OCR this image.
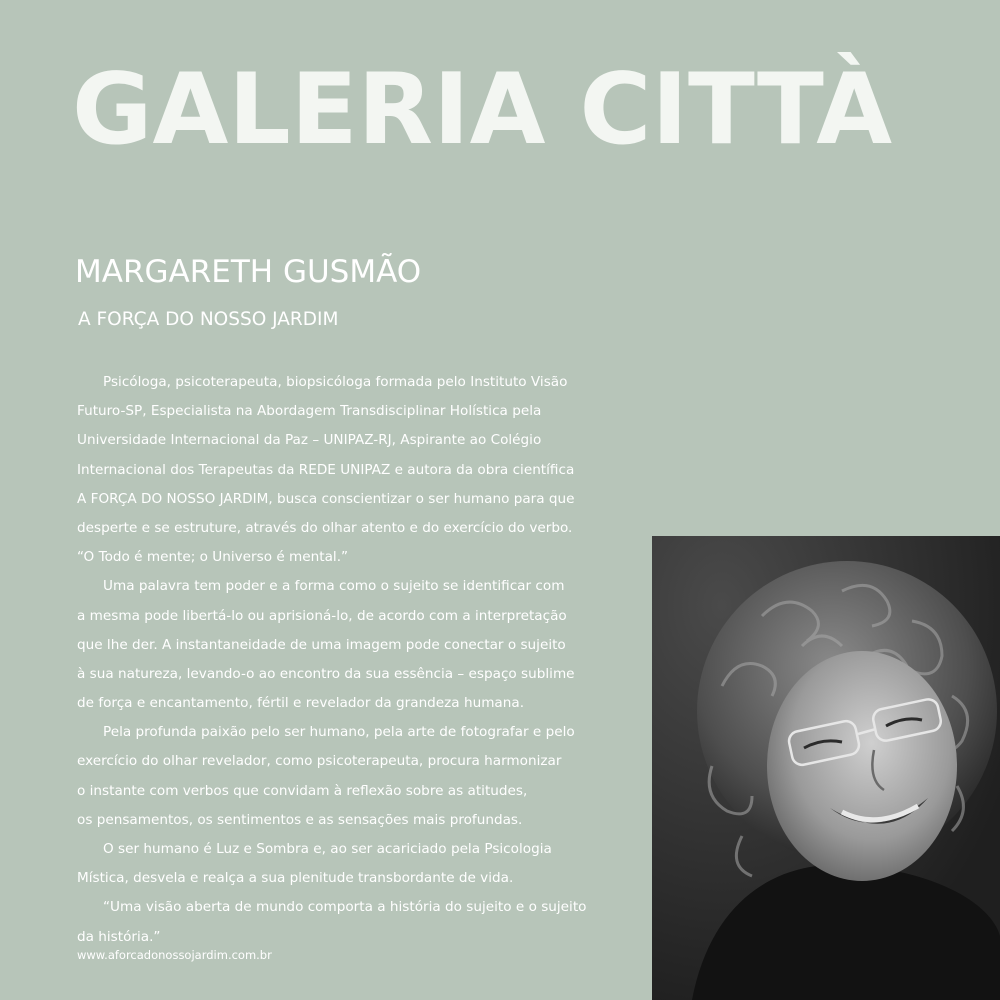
GALERIA CITTÀ
MARGARETH GUSMÃO
A FORÇA DO NOSSO JARDIM
Psicóloga, psicoterapeuta, biopsicóloga formada pelo Instituto Visão
Futuro-SP, Especialista na Abordagem Transdisciplinar Holística pela
Universidade Internacional da Paz – UNIPAZ-RJ, Aspirante ao Colégio
Internacional dos Terapeutas da REDE UNIPAZ e autora da obra científica
A FORÇA DO NOSSO JARDIM, busca conscientizar o ser humano para que
desperte e se estruture, através do olhar atento e do exercício do verbo.
“O Todo é mente; o Universo é mental.”
Uma palavra tem poder e a forma como o sujeito se identificar com
a mesma pode libertá-lo ou aprisioná-lo, de acordo com a interpretação
que lhe der. A instantaneidade de uma imagem pode conectar o sujeito
à sua natureza, levando-o ao encontro da sua essência – espaço sublime
de força e encantamento, fértil e revelador da grandeza humana.
Pela profunda paixão pelo ser humano, pela arte de fotografar e pelo
exercício do olhar revelador, como psicoterapeuta, procura harmonizar
o instante com verbos que convidam à reflexão sobre as atitudes,
os pensamentos, os sentimentos e as sensações mais profundas.
O ser humano é Luz e Sombra e, ao ser acariciado pela Psicologia
Mística, desvela e realça a sua plenitude transbordante de vida.
“Uma visão aberta de mundo comporta a história do sujeito e o sujeito
da história.”
www.aforcadonossojardim.com.br
